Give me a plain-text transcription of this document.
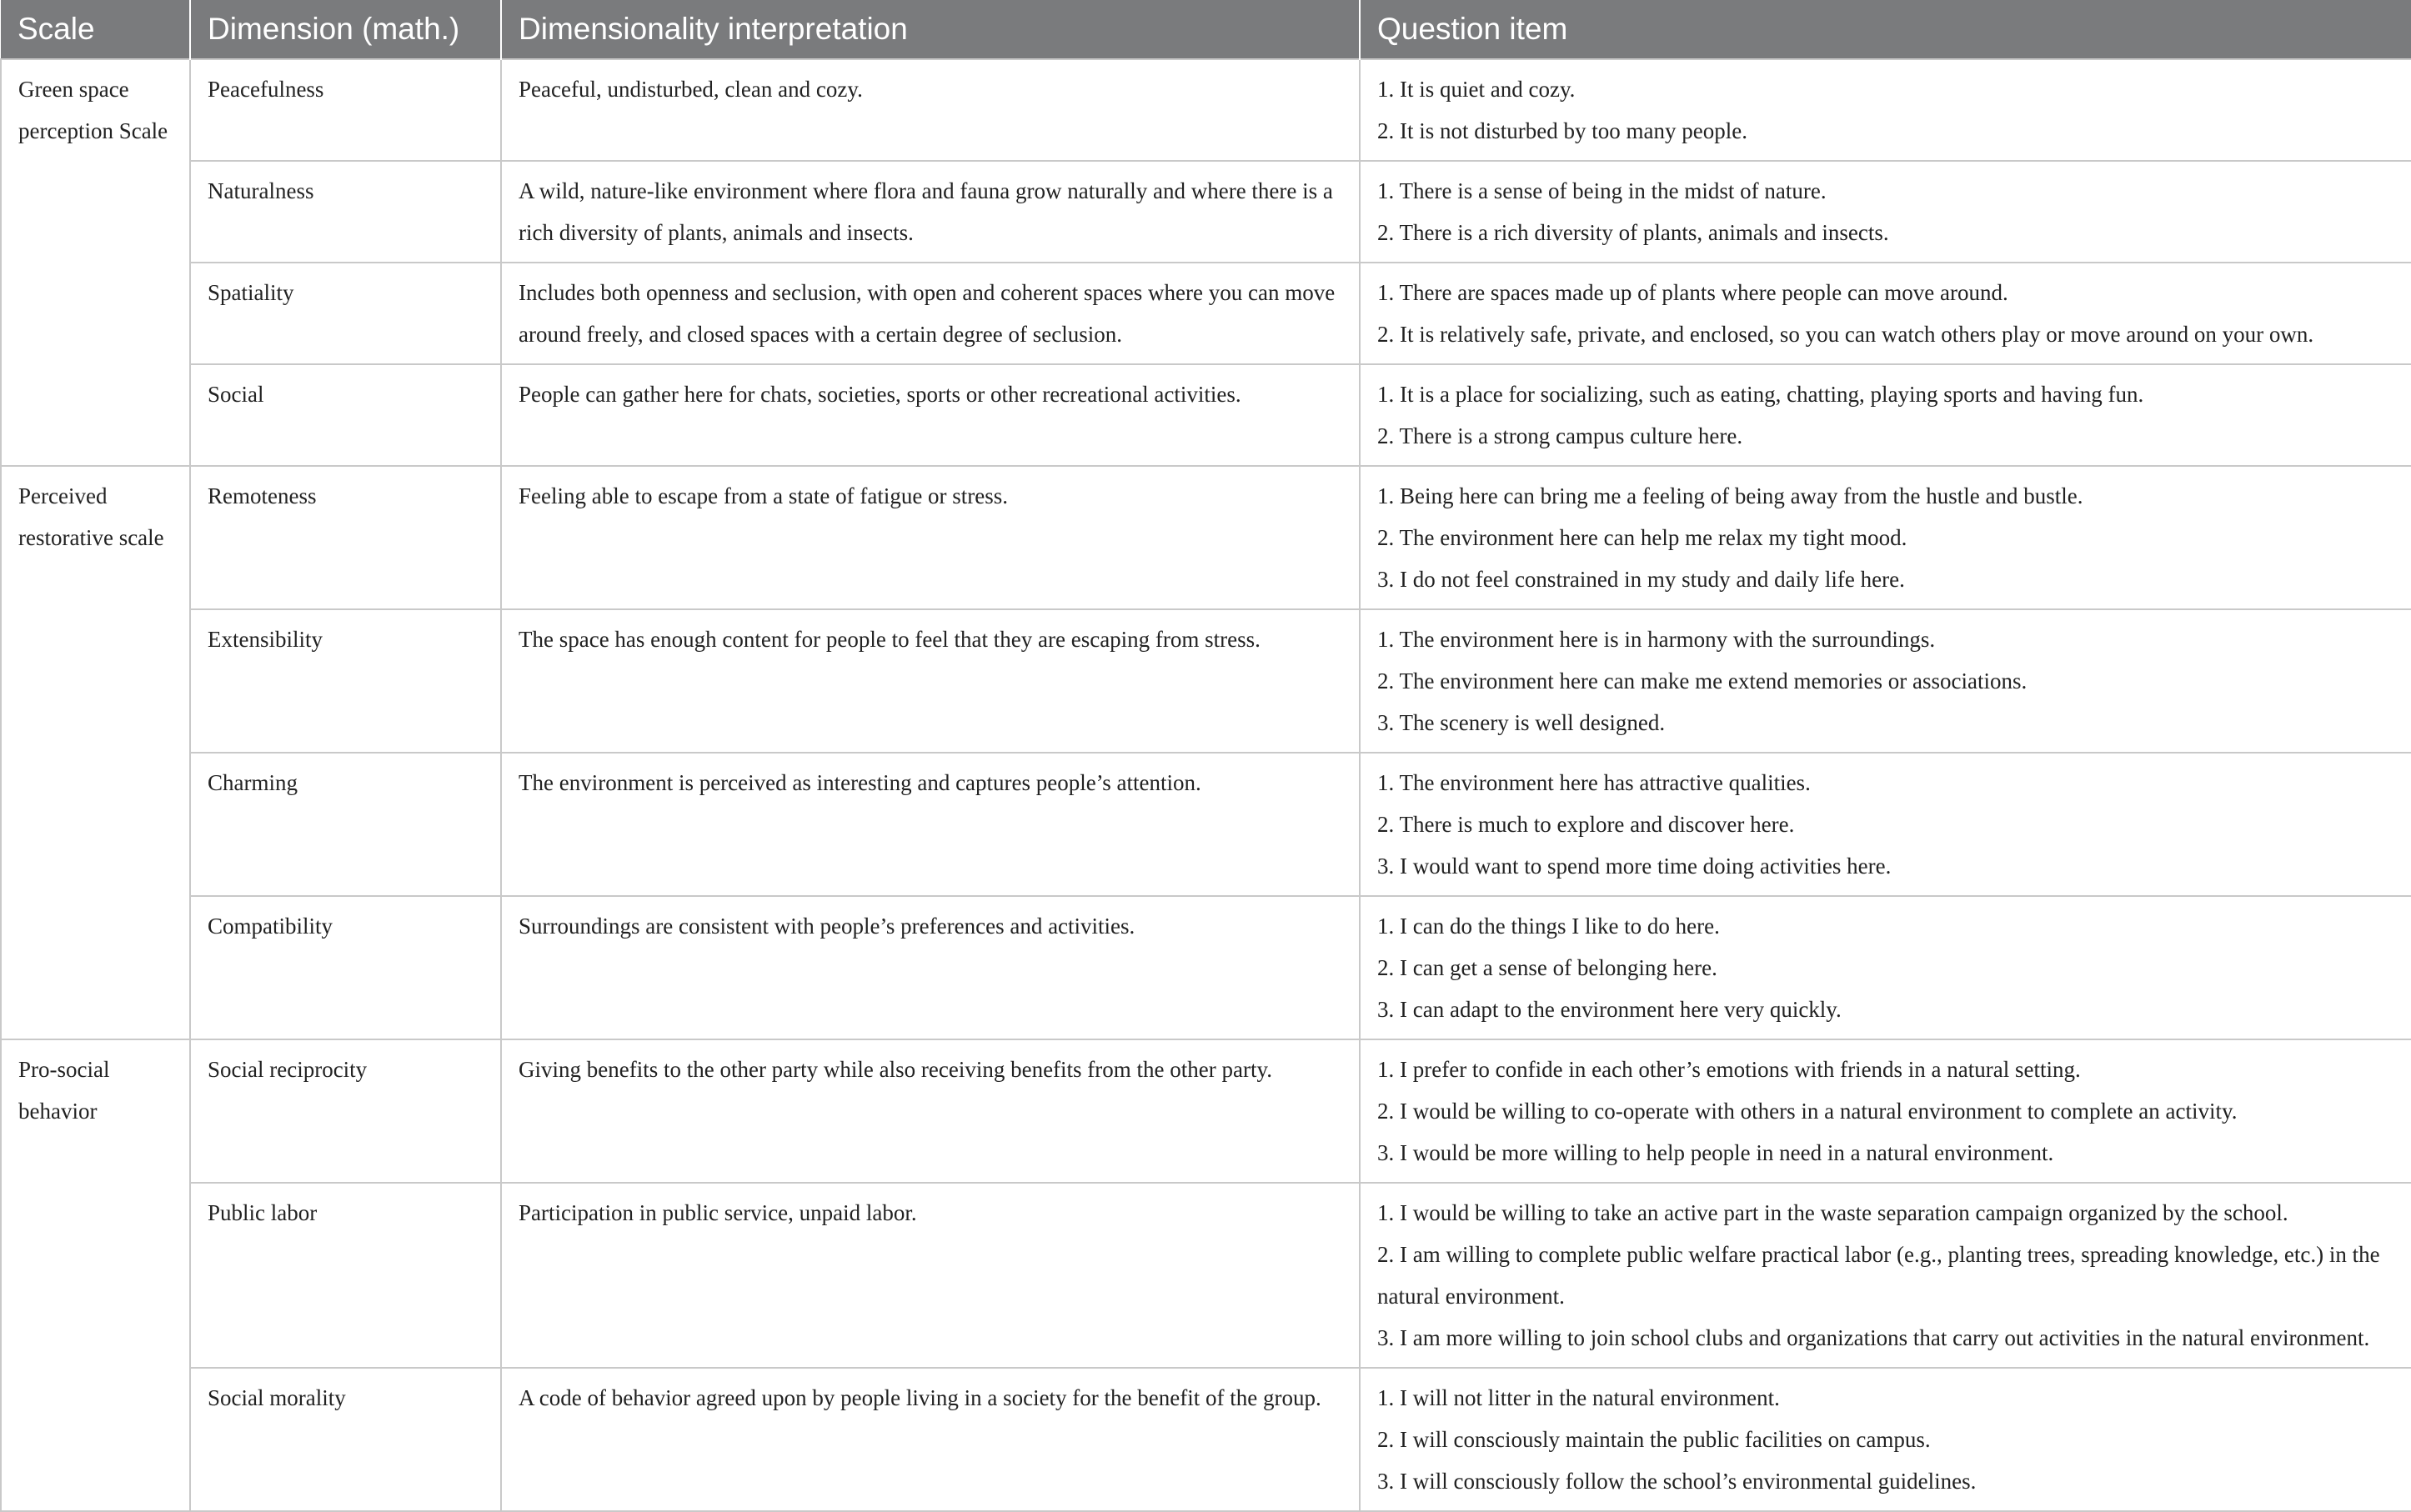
Scale	Dimension (math.)	Dimensionality interpretation	Question item
Green space perception Scale	Peacefulness	Peaceful, undisturbed, clean and cozy.	1. It is quiet and cozy.
2. It is not disturbed by too many people.

	Naturalness	A wild, nature-like environment where flora and fauna grow naturally and where there is a rich diversity of plants, animals and insects.	1. There is a sense of being in the midst of nature.
2. There is a rich diversity of plants, animals and insects.

	Spatiality	Includes both openness and seclusion, with open and coherent spaces where you can move around freely, and closed spaces with a certain degree of seclusion.	1. There are spaces made up of plants where people can move around.
2. It is relatively safe, private, and enclosed, so you can watch others play or move around on your own.

	Social	People can gather here for chats, societies, sports or other recreational activities.	1. It is a place for socializing, such as eating, chatting, playing sports and having fun.
2. There is a strong campus culture here.

Perceived restorative scale	Remoteness	Feeling able to escape from a state of fatigue or stress.	1. Being here can bring me a feeling of being away from the hustle and bustle.
2. The environment here can help me relax my tight mood.
3. I do not feel constrained in my study and daily life here.

	Extensibility	The space has enough content for people to feel that they are escaping from stress.	1. The environment here is in harmony with the surroundings.
2. The environment here can make me extend memories or associations.
3. The scenery is well designed.

	Charming	The environment is perceived as interesting and captures people’s attention.	1. The environment here has attractive qualities.
2. There is much to explore and discover here.
3. I would want to spend more time doing activities here.

	Compatibility	Surroundings are consistent with people’s preferences and activities.	1. I can do the things I like to do here.
2. I can get a sense of belonging here.
3. I can adapt to the environment here very quickly.

Pro-social behavior	Social reciprocity	Giving benefits to the other party while also receiving benefits from the other party.	1. I prefer to confide in each other’s emotions with friends in a natural setting.
2. I would be willing to co-operate with others in a natural environment to complete an activity.
3. I would be more willing to help people in need in a natural environment.

	Public labor	Participation in public service, unpaid labor.	1. I would be willing to take an active part in the waste separation campaign organized by the school.
2. I am willing to complete public welfare practical labor (e.g., planting trees, spreading knowledge, etc.) in the natural environment.
3. I am more willing to join school clubs and organizations that carry out activities in the natural environment.

	Social morality	A code of behavior agreed upon by people living in a society for the benefit of the group.	1. I will not litter in the natural environment.
2. I will consciously maintain the public facilities on campus.
3. I will consciously follow the school’s environmental guidelines.
